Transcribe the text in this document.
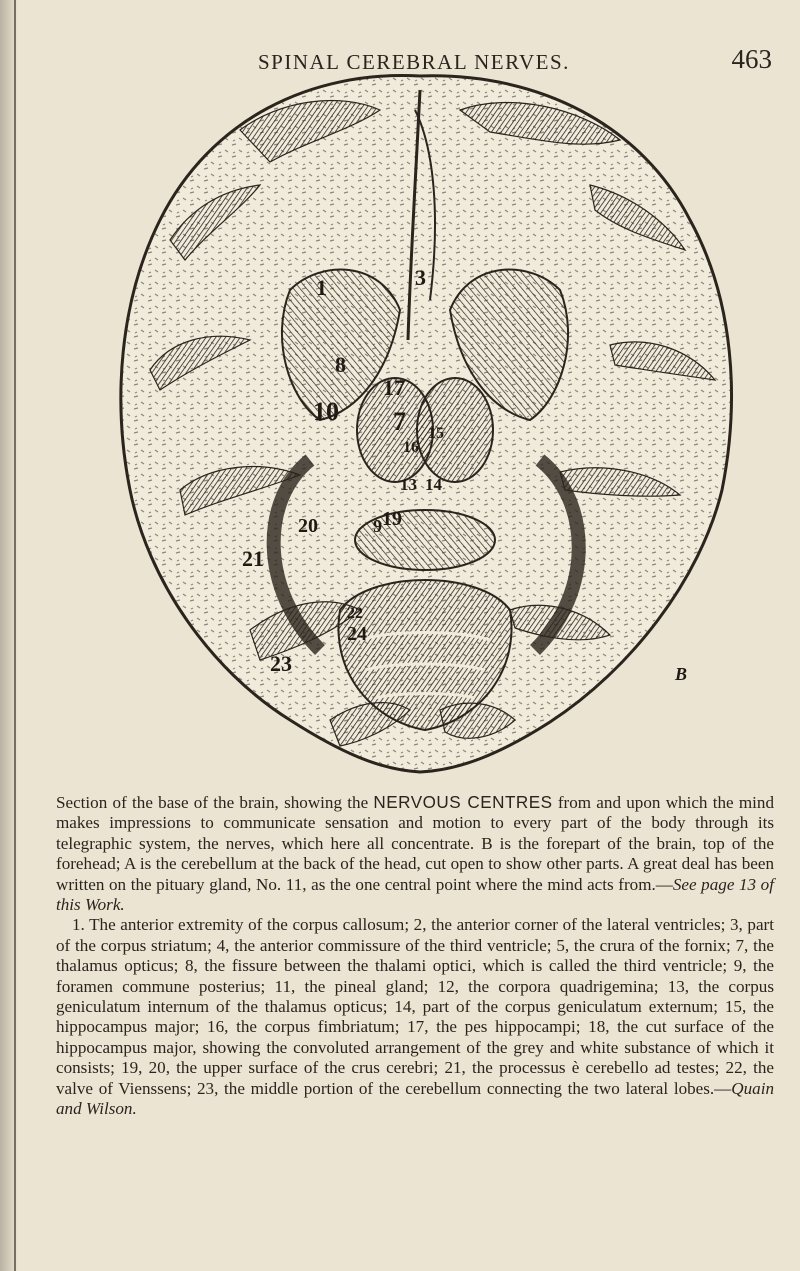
SPINAL CEREBRAL NERVES.	463
1	3
7
8
9
10
13 14
15
16
17
19
20
21
22
23
24
B

Section of the base of the brain, showing the NERVOUS CENTRES from and upon which the mind makes impressions to communicate sensation and motion to every part of the body through its telegraphic system, the nerves, which here all concentrate. B is the forepart of the brain, top of the forehead; A is the cerebellum at the back of the head, cut open to show other parts. A great deal has been written on the pituary gland, No. 11, as the one central point where the mind acts from.—See page 13 of this Work.

1. The anterior extremity of the corpus callosum; 2, the anterior corner of the lateral ventricles; 3, part of the corpus striatum; 4, the anterior commissure of the third ventricle; 5, the crura of the fornix; 7, the thalamus opticus; 8, the fissure between the thalami optici, which is called the third ventricle; 9, the foramen commune posterius; 11, the pineal gland; 12, the corpora quadrigemina; 13, the corpus geniculatum internum of the thalamus opticus; 14, part of the corpus geniculatum externum; 15, the hippocampus major; 16, the corpus fimbriatum; 17, the pes hippocampi; 18, the cut surface of the hippocampus major, showing the convoluted arrangement of the grey and white substance of which it consists; 19, 20, the upper surface of the crus cerebri; 21, the processus è cerebello ad testes; 22, the valve of Vienssens; 23, the middle portion of the cerebellum connecting the two lateral lobes.—Quain and Wilson.
